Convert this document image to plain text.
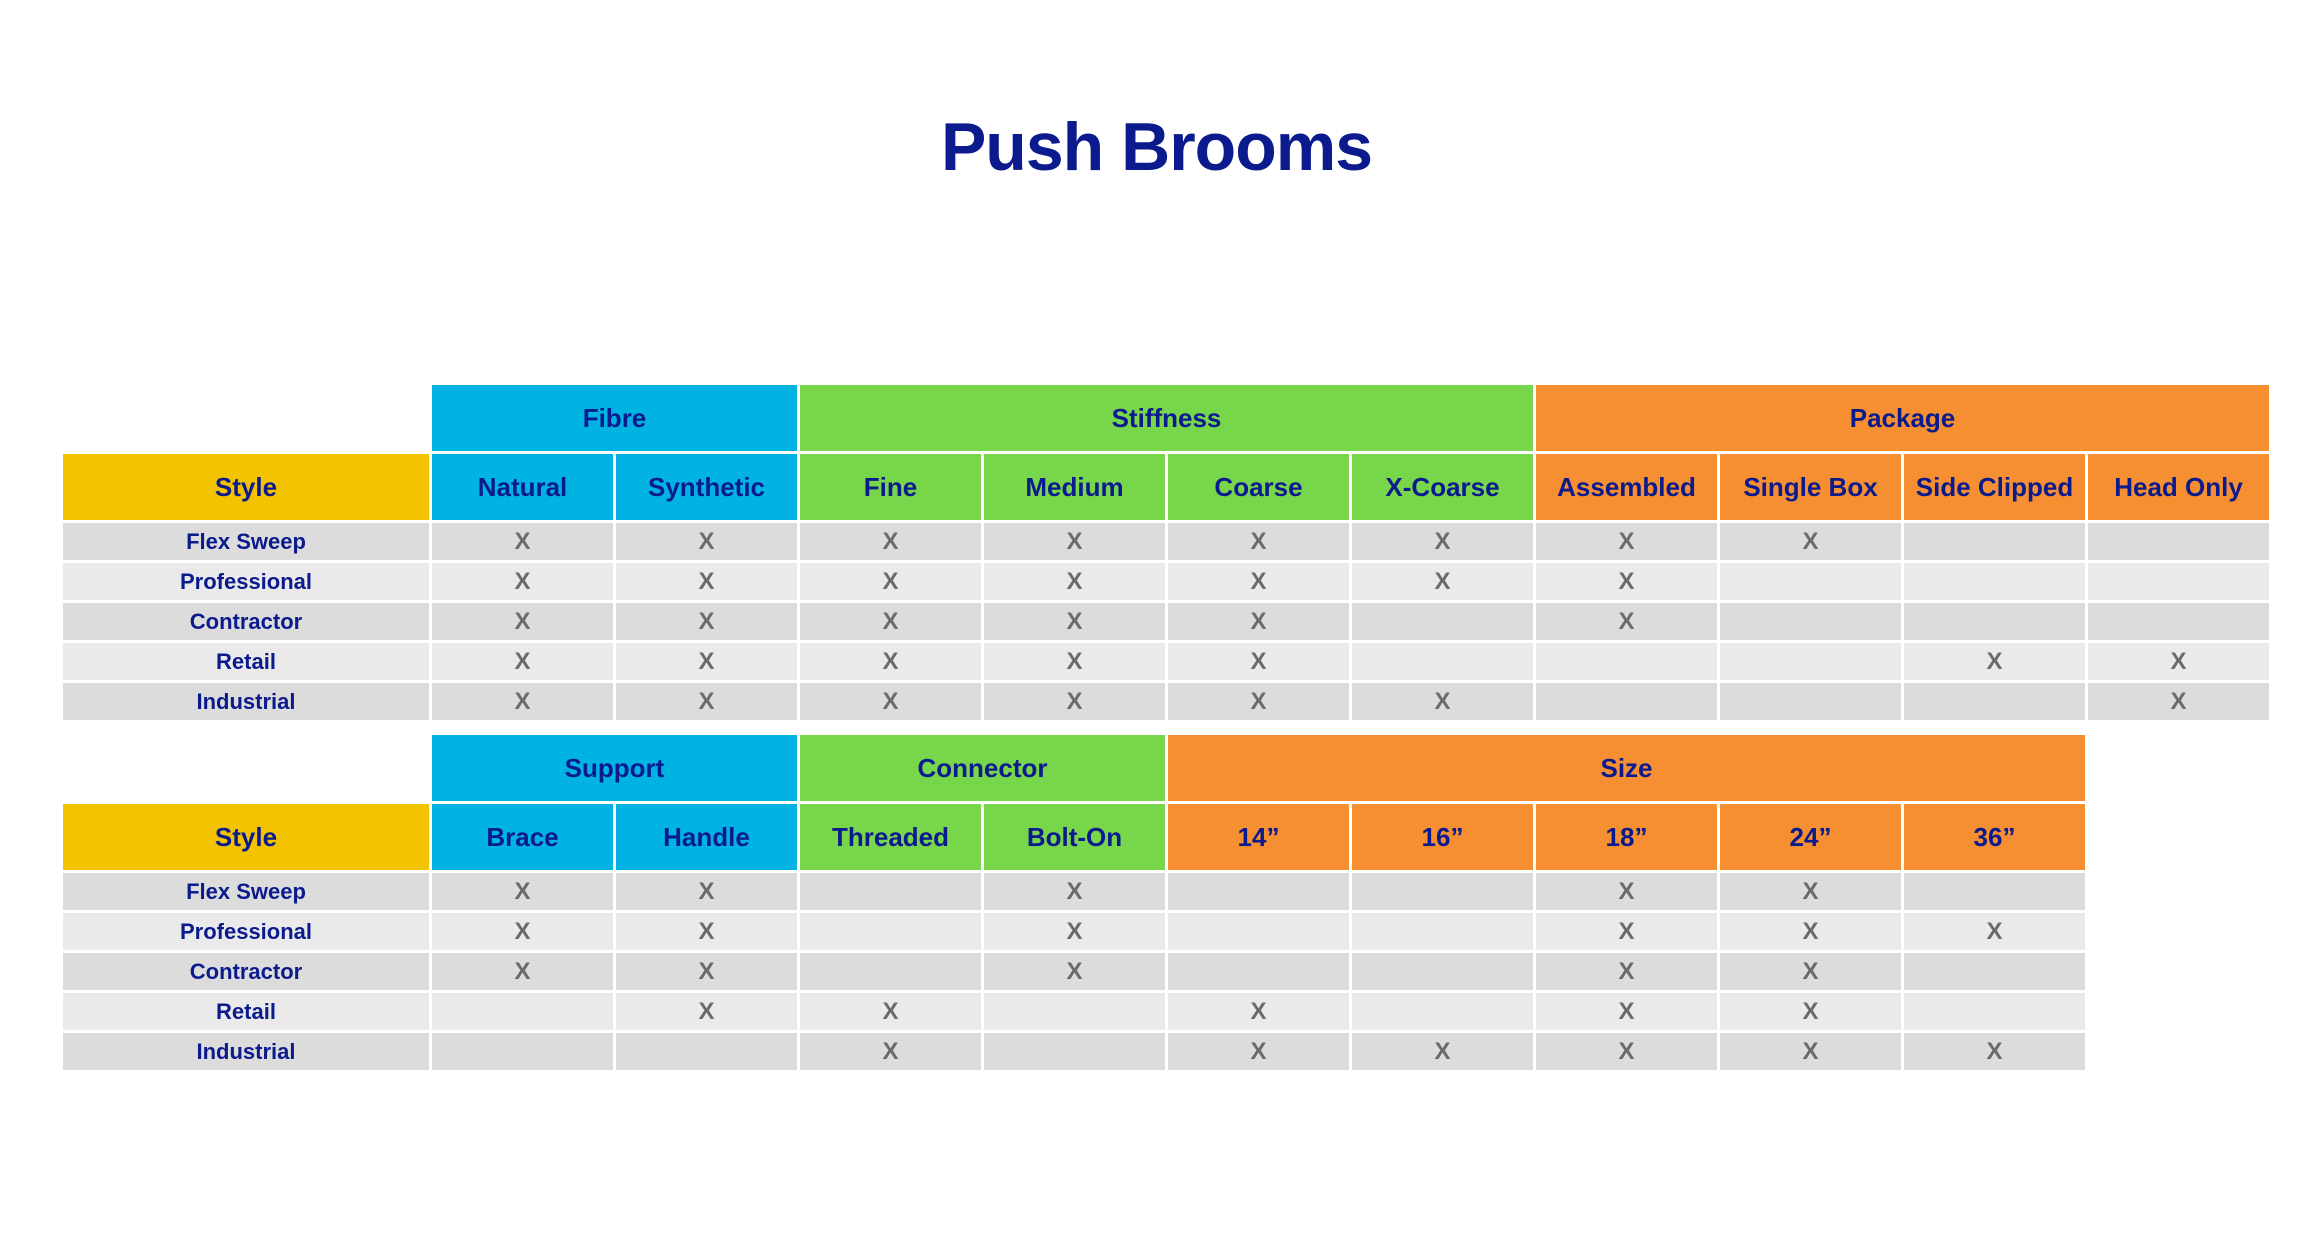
Push Brooms
	Fibre		Stiffness				Package			
Style	Natural	Synthetic	Fine	Medium	Coarse	X-Coarse	Assembled	Single Box	Side Clipped	Head Only
Flex Sweep	X	X	X	X	X	X	X	X		
Professional	X	X	X	X	X	X	X			
Contractor	X	X	X	X	X		X			
Retail	X	X	X	X	X				X	X
Industrial	X	X	X	X	X	X				X
	Support		Connector		Size				
Style	Brace	Handle	Threaded	Bolt-On	14”	16”	18”	24”	36”
Flex Sweep	X	X		X			X	X	
Professional	X	X		X			X	X	X
Contractor	X	X		X			X	X	
Retail		X	X		X		X	X	
Industrial			X		X	X	X	X	X
